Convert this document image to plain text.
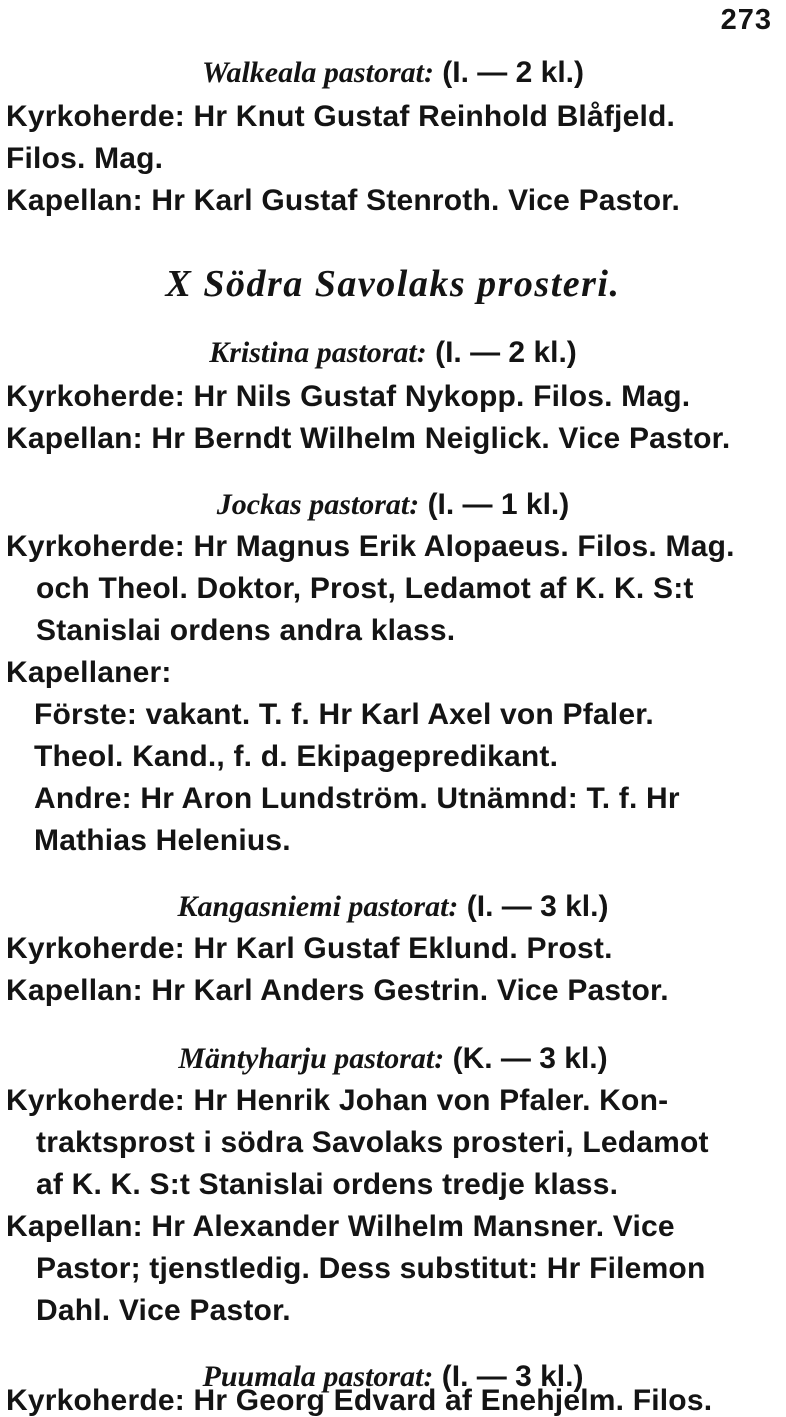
273
Walkeala pastorat: (I. — 2 kl.)
Kyrkoherde: Hr Knut Gustaf Reinhold Blåfjeld.
Filos. Mag.
Kapellan: Hr Karl Gustaf Stenroth. Vice Pastor.
X Södra Savolaks prosteri.
Kristina pastorat: (I. — 2 kl.)
Kyrkoherde: Hr Nils Gustaf Nykopp. Filos. Mag.
Kapellan: Hr Berndt Wilhelm Neiglick. Vice Pastor.
Jockas pastorat: (I. — 1 kl.)
Kyrkoherde: Hr Magnus Erik Alopaeus. Filos. Mag.
och Theol. Doktor, Prost, Ledamot af K. K. S:t
Stanislai ordens andra klass.
Kapellaner:
Förste: vakant. T. f. Hr Karl Axel von Pfaler.
Theol. Kand., f. d. Ekipagepredikant.
Andre: Hr Aron Lundström. Utnämnd: T. f. Hr
Mathias Helenius.
Kangasniemi pastorat: (I. — 3 kl.)
Kyrkoherde: Hr Karl Gustaf Eklund. Prost.
Kapellan: Hr Karl Anders Gestrin. Vice Pastor.
Mäntyharju pastorat: (K. — 3 kl.)
Kyrkoherde: Hr Henrik Johan von Pfaler. Kon-
traktsprost i södra Savolaks prosteri, Ledamot
af K. K. S:t Stanislai ordens tredje klass.
Kapellan: Hr Alexander Wilhelm Mansner. Vice
Pastor; tjenstledig. Dess substitut: Hr Filemon
Dahl. Vice Pastor.
Puumala pastorat: (I. — 3 kl.)
Kyrkoherde: Hr Georg Edvard af Enehjelm. Filos.
